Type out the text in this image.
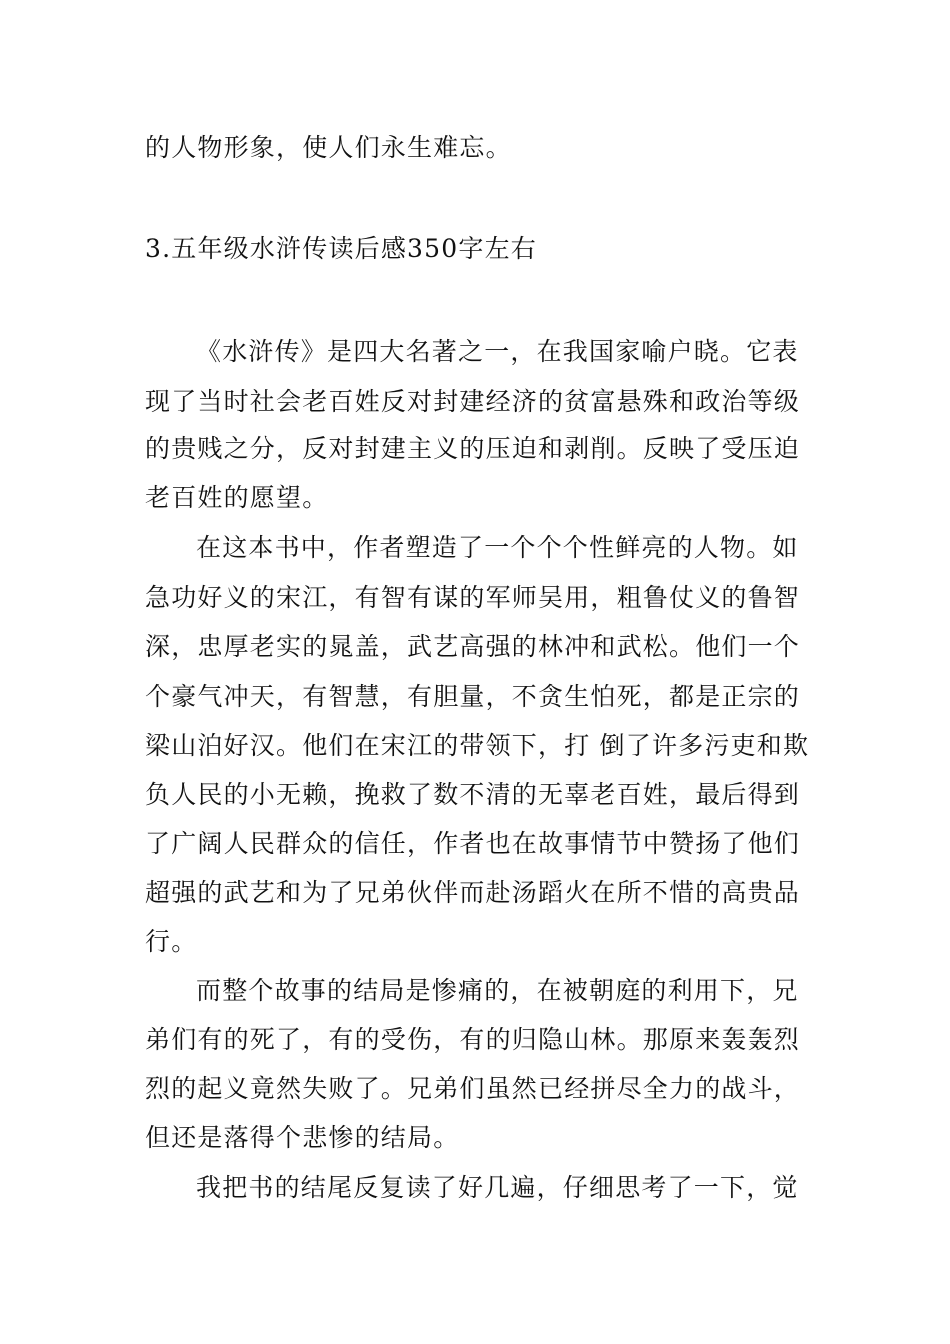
的人物形象，使人们永生难忘。
3.五年级水浒传读后感350字左右
《水浒传》是四大名著之一，在我国家喻户晓。它表
现了当时社会老百姓反对封建经济的贫富悬殊和政治等级
的贵贱之分，反对封建主义的压迫和剥削。反映了受压迫
老百姓的愿望。
在这本书中，作者塑造了一个个个性鲜亮的人物。如
急功好义的宋江，有智有谋的军师吴用，粗鲁仗义的鲁智
深，忠厚老实的晁盖，武艺高强的林冲和武松。他们一个
个豪气冲天，有智慧，有胆量，不贪生怕死，都是正宗的
梁山泊好汉。他们在宋江的带领下，打 倒了许多污吏和欺
负人民的小无赖，挽救了数不清的无辜老百姓，最后得到
了广阔人民群众的信任，作者也在故事情节中赞扬了他们
超强的武艺和为了兄弟伙伴而赴汤蹈火在所不惜的高贵品
行。
而整个故事的结局是惨痛的，在被朝庭的利用下，兄
弟们有的死了，有的受伤，有的归隐山林。那原来轰轰烈
烈的起义竟然失败了。兄弟们虽然已经拼尽全力的战斗，
但还是落得个悲惨的结局。
我把书的结尾反复读了好几遍，仔细思考了一下，觉
